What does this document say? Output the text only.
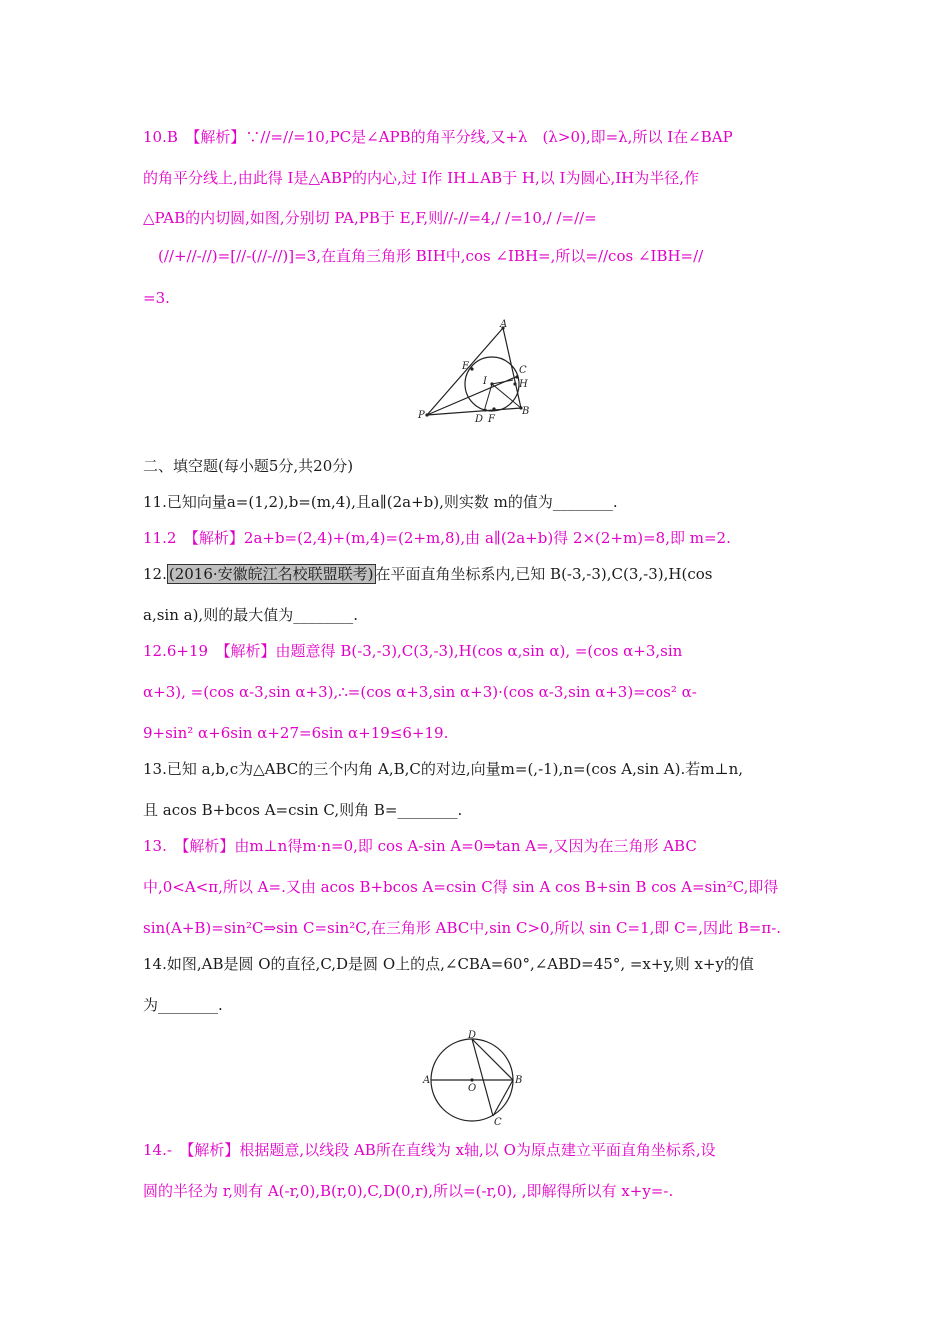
10.B　【解析】∵//=//=10,PC是∠APB的角平分线,又+λ　(λ>0),即=λ,所以 I在∠BAP
的角平分线上,由此得 I是△ABP的内心,过 I作 IH⊥AB于 H,以 I为圆心,IH为半径,作
△PAB的内切圆,如图,分别切 PA,PB于 E,F,则//-//=4,/ /=10,/ /=//=
　(//+//-//)=[//-(//-//)]=3,在直角三角形 BIH中,cos ∠IBH=,所以=//cos ∠IBH=//
=3.
A
E	C
I	H
P	D F
B
二、填空题(每小题5分,共20分)
11.已知向量a=(1,2),b=(m,4),且a∥(2a+b),则实数 m的值为________.
11.2　【解析】2a+b=(2,4)+(m,4)=(2+m,8),由 a∥(2a+b)得 2×(2+m)=8,即 m=2.
12. (2016·安徽皖江名校联盟联考) 在平面直角坐标系内,已知 B(-3,-3),C(3,-3),H(cos
a,sin a),则的最大值为________.
12.6+19　【解析】由题意得 B(-3,-3),C(3,-3),H(cos α,sin α), =(cos α+3,sin
α+3), =(cos α-3,sin α+3),∴=(cos α+3,sin α+3)·(cos α-3,sin α+3)=cos² α-
9+sin² α+6sin α+27=6sin α+19≤6+19.
13.已知 a,b,c为△ABC的三个内角 A,B,C的对边,向量m=(,-1),n=(cos A,sin A).若m⊥n,
且 acos B+bcos A=csin C,则角 B=________.
13.　【解析】由m⊥n得m·n=0,即 cos A-sin A=0⇒tan A=,又因为在三角形 ABC
中,0<A<π,所以 A=.又由 acos B+bcos A=csin C得 sin A cos B+sin B cos A=sin²C,即得
sin(A+B)=sin²C⇒sin C=sin²C,在三角形 ABC中,sin C>0,所以 sin C=1,即 C=,因此 B=π-.
14.如图,AB是圆 O的直径,C,D是圆 O上的点,∠CBA=60°,∠ABD=45°, =x+y,则 x+y的值
为________.
D
A
O
B
C
14.-　【解析】根据题意,以线段 AB所在直线为 x轴,以 O为原点建立平面直角坐标系,设
圆的半径为 r,则有 A(-r,0),B(r,0),C,D(0,r),所以=(-r,0), ,即解得所以有 x+y=-.
